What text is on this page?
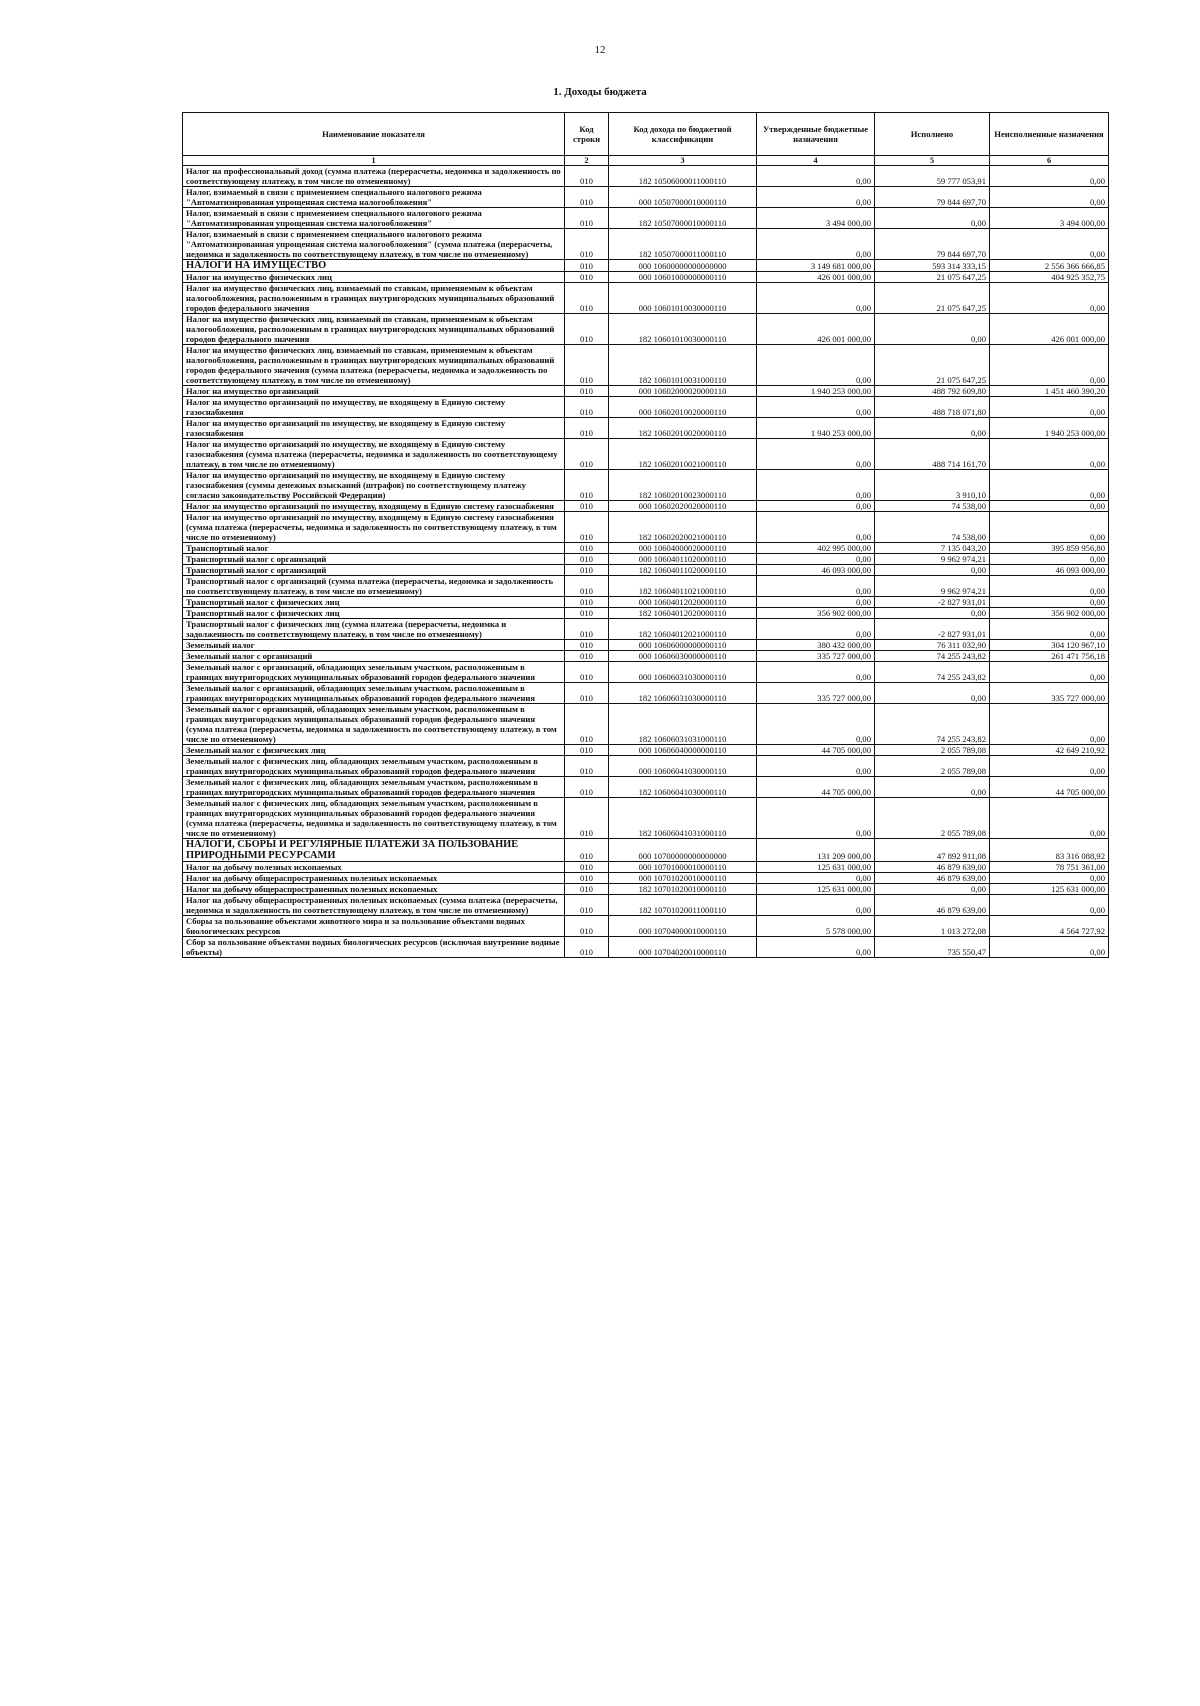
12
1. Доходы бюджета
Наименование показателя	Код строки	Код дохода по бюджетной классификации	Утвержденные бюджетные назначения	Исполнено	Неисполненные назначения
1	2	3	4	5	6
Налог на профессиональный доход (сумма платежа (перерасчеты, недоимка и задолженность по соответствующему платежу, в том числе по отмененному)	010	182 10506000011000110	0,00	59 777 053,91	0,00
Налог, взимаемый в связи с применением специального налогового режима "Автоматизированная упрощенная система налогообложения"	010	000 10507000010000110	0,00	79 844 697,70	0,00
Налог, взимаемый в связи с применением специального налогового режима "Автоматизированная упрощенная система налогообложения"	010	182 10507000010000110	3 494 000,00	0,00	3 494 000,00
Налог, взимаемый в связи с применением специального налогового режима "Автоматизированная упрощенная система налогообложения" (сумма платежа (перерасчеты, недоимка и задолженность по соответствующему платежу, в том числе по отмененному)	010	182 10507000011000110	0,00	79 844 697,70	0,00
НАЛОГИ НА ИМУЩЕСТВО	010	000 10600000000000000	3 149 681 000,00	593 314 333,15	2 556 366 666,85
Налог на имущество физических лиц	010	000 10601000000000110	426 001 000,00	21 075 647,25	404 925 352,75
Налог на имущество физических лиц, взимаемый по ставкам, применяемым к объектам налогообложения, расположенным в границах внутригородских муниципальных образований городов федерального значения	010	000 10601010030000110	0,00	21 075 647,25	0,00
Налог на имущество физических лиц, взимаемый по ставкам, применяемым к объектам налогообложения, расположенным в границах внутригородских муниципальных образований городов федерального значения	010	182 10601010030000110	426 001 000,00	0,00	426 001 000,00
Налог на имущество физических лиц, взимаемый по ставкам, применяемым к объектам налогообложения, расположенным в границах внутригородских муниципальных образований городов федерального значения (сумма платежа (перерасчеты, недоимка и задолженность по соответствующему платежу, в том числе по отмененному)	010	182 10601010031000110	0,00	21 075 647,25	0,00
Налог на имущество организаций	010	000 10602000020000110	1 940 253 000,00	488 792 609,80	1 451 460 390,20
Налог на имущество организаций по имуществу, не входящему в Единую систему газоснабжения	010	000 10602010020000110	0,00	488 718 071,80	0,00
Налог на имущество организаций по имуществу, не входящему в Единую систему газоснабжения	010	182 10602010020000110	1 940 253 000,00	0,00	1 940 253 000,00
Налог на имущество организаций по имуществу, не входящему в Единую систему газоснабжения (сумма платежа (перерасчеты, недоимка и задолженность по соответствующему платежу, в том числе по отмененному)	010	182 10602010021000110	0,00	488 714 161,70	0,00
Налог на имущество организаций по имуществу, не входящему в Единую систему газоснабжения (суммы денежных взысканий (штрафов) по соответствующему платежу согласно законодательству Российской Федерации)	010	182 10602010023000110	0,00	3 910,10	0,00
Налог на имущество организаций по имуществу, входящему в Единую систему газоснабжения	010	000 10602020020000110	0,00	74 538,00	0,00
Налог на имущество организаций по имуществу, входящему в Единую систему газоснабжения (сумма платежа (перерасчеты, недоимка и задолженность по соответствующему платежу, в том числе по отмененному)	010	182 10602020021000110	0,00	74 538,00	0,00
Транспортный налог	010	000 10604000020000110	402 995 000,00	7 135 043,20	395 859 956,80
Транспортный налог с организаций	010	000 10604011020000110	0,00	9 962 974,21	0,00
Транспортный налог с организаций	010	182 10604011020000110	46 093 000,00	0,00	46 093 000,00
Транспортный налог с организаций (сумма платежа (перерасчеты, недоимка и задолженность по соответствующему платежу, в том числе по отмененному)	010	182 10604011021000110	0,00	9 962 974,21	0,00
Транспортный налог с физических лиц	010	000 10604012020000110	0,00	-2 827 931,01	0,00
Транспортный налог с физических лиц	010	182 10604012020000110	356 902 000,00	0,00	356 902 000,00
Транспортный налог с физических лиц (сумма платежа (перерасчеты, недоимка и задолженность по соответствующему платежу, в том числе по отмененному)	010	182 10604012021000110	0,00	-2 827 931,01	0,00
Земельный налог	010	000 10606000000000110	380 432 000,00	76 311 032,90	304 120 967,10
Земельный налог с организаций	010	000 10606030000000110	335 727 000,00	74 255 243,82	261 471 756,18
Земельный налог с организаций, обладающих земельным участком, расположенным в границах внутригородских муниципальных образований городов федерального значения	010	000 10606031030000110	0,00	74 255 243,82	0,00
Земельный налог с организаций, обладающих земельным участком, расположенным в границах внутригородских муниципальных образований городов федерального значения	010	182 10606031030000110	335 727 000,00	0,00	335 727 000,00
Земельный налог с организаций, обладающих земельным участком, расположенным в границах внутригородских муниципальных образований городов федерального значения (сумма платежа (перерасчеты, недоимка и задолженность по соответствующему платежу, в том числе по отмененному)	010	182 10606031031000110	0,00	74 255 243,82	0,00
Земельный налог с физических лиц	010	000 10606040000000110	44 705 000,00	2 055 789,08	42 649 210,92
Земельный налог с физических лиц, обладающих земельным участком, расположенным в границах внутригородских муниципальных образований городов федерального значения	010	000 10606041030000110	0,00	2 055 789,08	0,00
Земельный налог с физических лиц, обладающих земельным участком, расположенным в границах внутригородских муниципальных образований городов федерального значения	010	182 10606041030000110	44 705 000,00	0,00	44 705 000,00
Земельный налог с физических лиц, обладающих земельным участком, расположенным в границах внутригородских муниципальных образований городов федерального значения (сумма платежа (перерасчеты, недоимка и задолженность по соответствующему платежу, в том числе по отмененному)	010	182 10606041031000110	0,00	2 055 789,08	0,00
НАЛОГИ, СБОРЫ И РЕГУЛЯРНЫЕ ПЛАТЕЖИ ЗА ПОЛЬЗОВАНИЕ ПРИРОДНЫМИ РЕСУРСАМИ	010	000 10700000000000000	131 209 000,00	47 892 911,08	83 316 088,92
Налог на добычу полезных ископаемых	010	000 10701000010000110	125 631 000,00	46 879 639,00	78 751 361,00
Налог на добычу общераспространенных полезных ископаемых	010	000 10701020010000110	0,00	46 879 639,00	0,00
Налог на добычу общераспространенных полезных ископаемых	010	182 10701020010000110	125 631 000,00	0,00	125 631 000,00
Налог на добычу общераспространенных полезных ископаемых (сумма платежа (перерасчеты, недоимка и задолженность по соответствующему платежу, в том числе по отмененному)	010	182 10701020011000110	0,00	46 879 639,00	0,00
Сборы за пользование объектами животного мира и за пользование объектами водных биологических ресурсов	010	000 10704000010000110	5 578 000,00	1 013 272,08	4 564 727,92
Сбор за пользование объектами водных биологических ресурсов (исключая внутренние водные объекты)	010	000 10704020010000110	0,00	735 550,47	0,00
